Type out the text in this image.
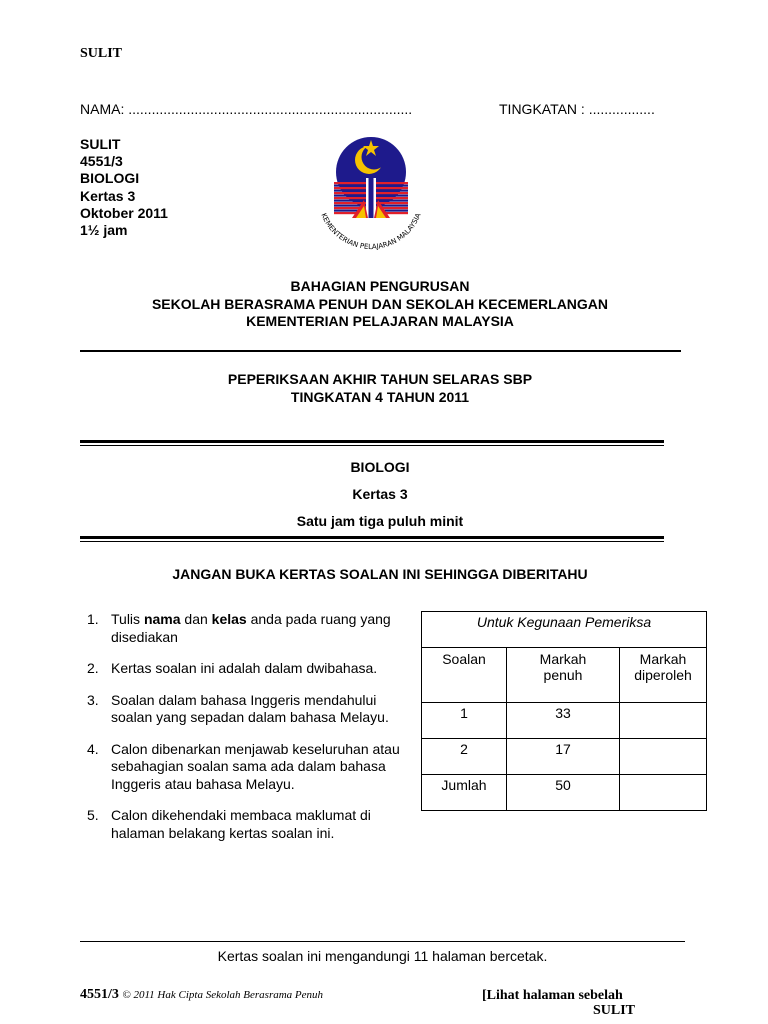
SULIT
NAMA: .........................................................................	TINGKATAN : .................
SULIT
4551/3
BIOLOGI
Kertas 3
Oktober 2011
1½ jam
KEMENTERIAN PELAJARAN MALAYSIA
BAHAGIAN PENGURUSAN
SEKOLAH BERASRAMA PENUH DAN SEKOLAH KECEMERLANGAN
KEMENTERIAN PELAJARAN MALAYSIA
PEPERIKSAAN AKHIR TAHUN SELARAS SBP
TINGKATAN 4 TAHUN 2011
BIOLOGI
Kertas 3
Satu jam tiga puluh minit
JANGAN BUKA KERTAS SOALAN INI SEHINGGA DIBERITAHU
1. Tulis nama dan kelas anda pada ruang yang disediakan
2. Kertas soalan ini adalah dalam dwibahasa.
3. Soalan dalam bahasa Inggeris mendahului soalan yang sepadan dalam bahasa Melayu.
4. Calon dibenarkan menjawab keseluruhan atau sebahagian soalan sama ada dalam bahasa Inggeris atau bahasa Melayu.
5. Calon dikehendaki membaca maklumat di halaman belakang kertas soalan ini.
Untuk Kegunaan Pemeriksa		
Soalan	Markah penuh	Markah diperoleh
1	33	
2	17	
Jumlah	50	
Kertas soalan ini mengandungi 11 halaman bercetak.
4551/3 © 2011 Hak Cipta Sekolah Berasrama Penuh	[Lihat halaman sebelah
SULIT
